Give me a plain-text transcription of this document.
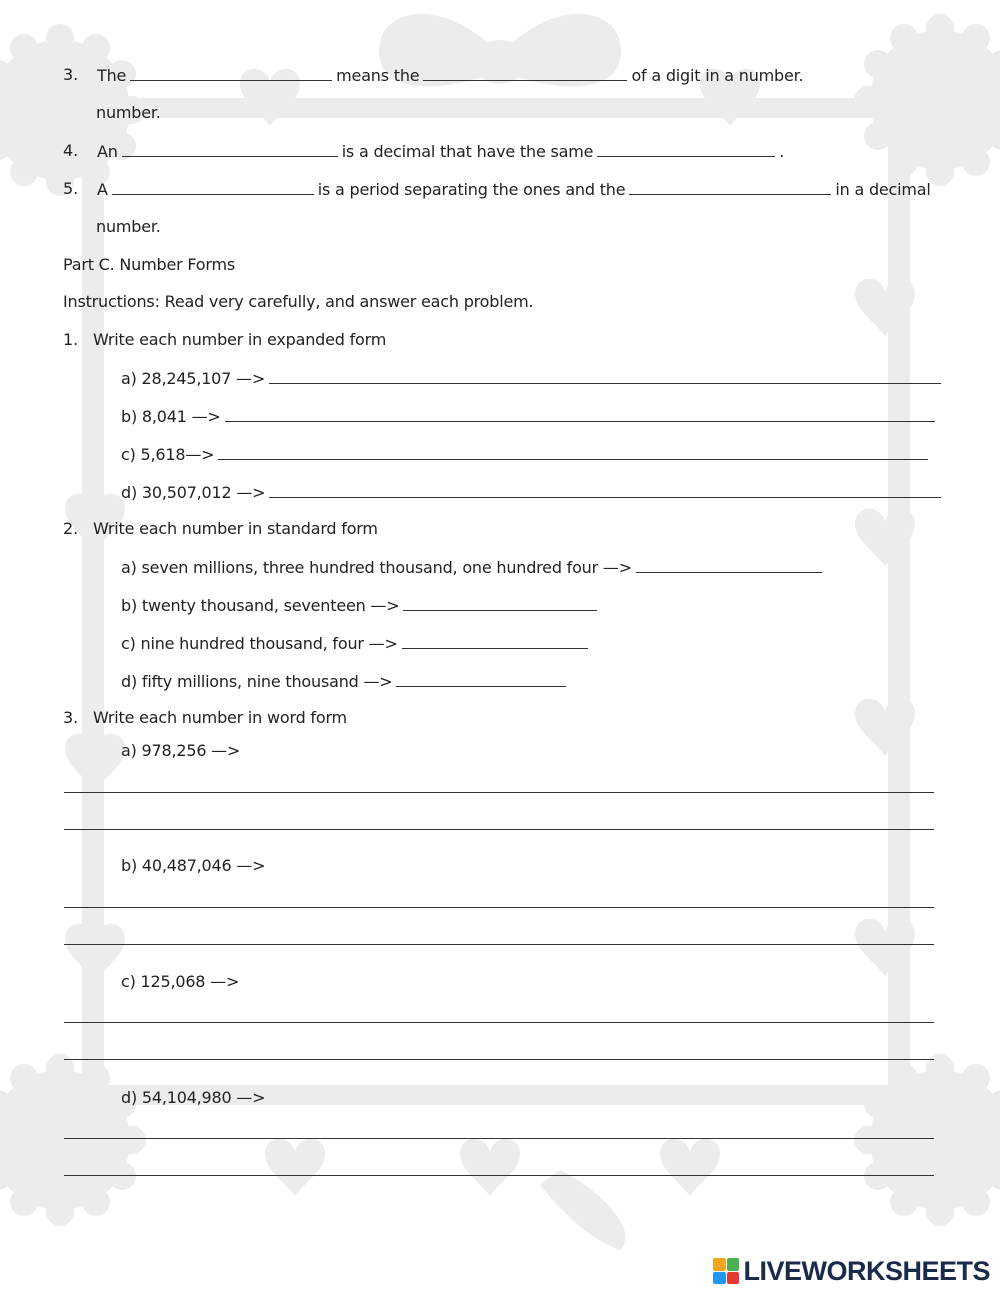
3. The	means the	of a digit in a number.
number.
4. An	is a decimal that have the same	.
5. A	is a period separating the ones and the	in a decimal
number.
Part C. Number Forms
Instructions: Read very carefully, and answer each problem.
1. Write each number in expanded form
a) 28,245,107 —>
b) 8,041 —>
c) 5,618—>
d) 30,507,012 —>
2. Write each number in standard form
a) seven millions, three hundred thousand, one hundred four —>
b) twenty thousand, seventeen —>
c) nine hundred thousand, four —>
d) fifty millions, nine thousand —>
3. Write each number in word form
a) 978,256 —>
b) 40,487,046 —>
c) 125,068 —>
d) 54,104,980 —>
LIVEWORKSHEETS
